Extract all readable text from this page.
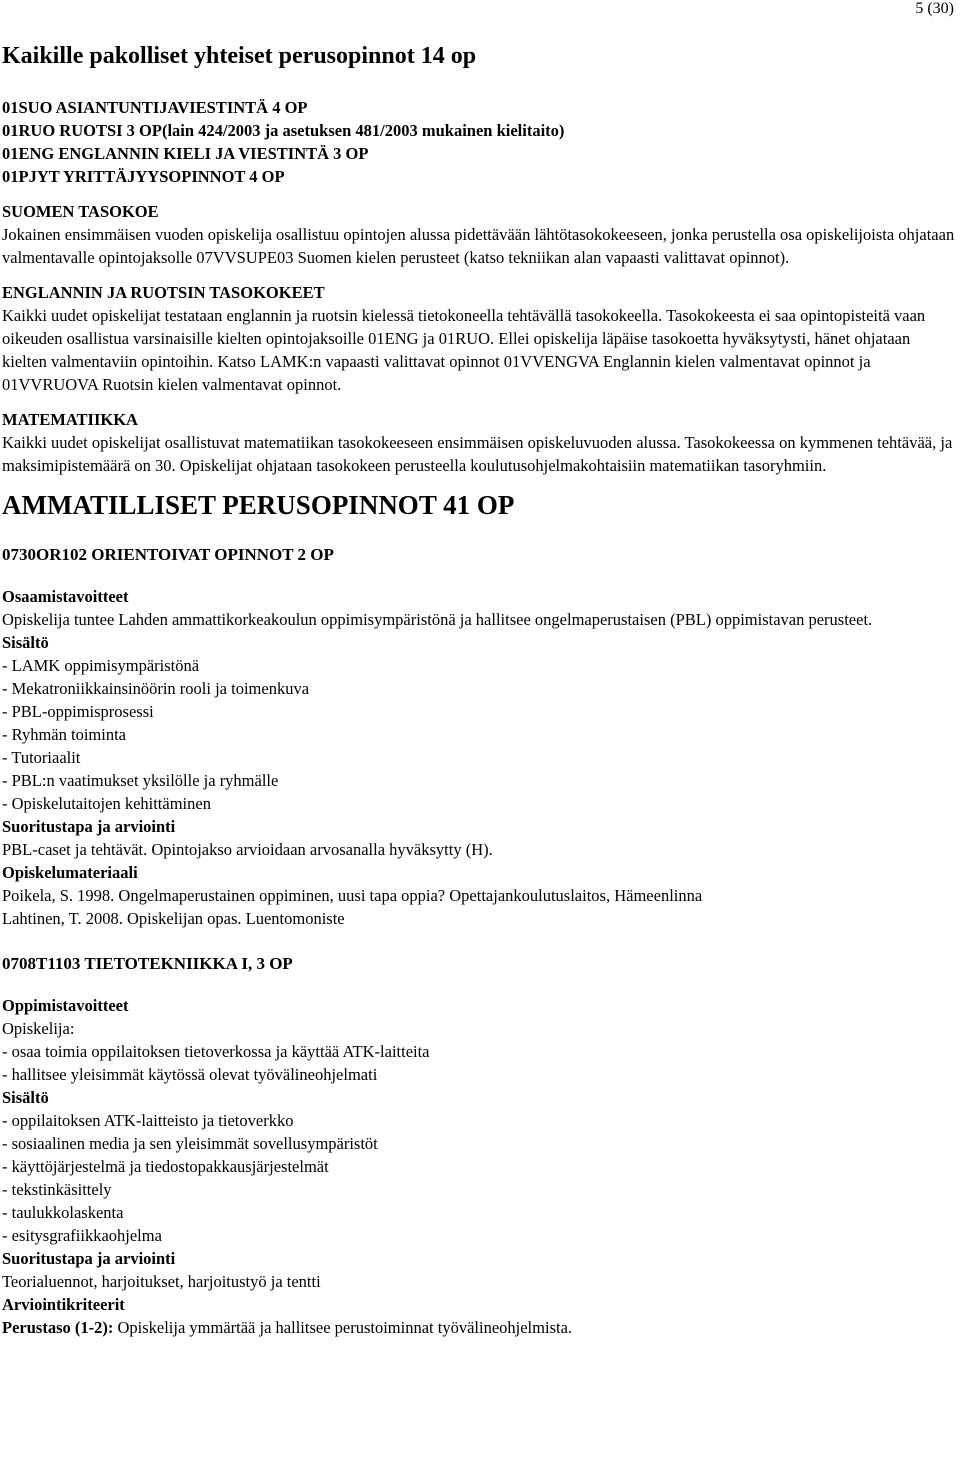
5 (30)
Kaikille pakolliset yhteiset perusopinnot 14 op

01SUO ASIANTUNTIJAVIESTINTÄ 4 OP

01RUO RUOTSI 3 OP(lain 424/2003 ja asetuksen 481/2003 mukainen kielitaito)

01ENG ENGLANNIN KIELI JA VIESTINTÄ 3 OP

01PJYT YRITTÄJYYSOPINNOT 4 OP

SUOMEN TASOKOE

Jokainen ensimmäisen vuoden opiskelija osallistuu opintojen alussa pidettävään lähtötasokokeeseen, jonka perustella osa opiskelijoista ohjataan valmentavalle opintojaksolle 07VVSUPE03 Suomen kielen perusteet (katso tekniikan alan vapaasti valittavat opinnot).

ENGLANNIN JA RUOTSIN TASOKOKEET

Kaikki uudet opiskelijat testataan englannin ja ruotsin kielessä tietokoneella tehtävällä tasokokeella. Tasokokeesta ei saa opintopisteitä vaan oikeuden osallistua varsinaisille kielten opintojaksoille 01ENG ja 01RUO. Ellei opiskelija läpäise tasokoetta hyväksytysti, hänet ohjataan kielten valmentaviin opintoihin. Katso LAMK:n vapaasti valittavat opinnot 01VVENGVA Englannin kielen valmentavat opinnot ja 01VVRUOVA Ruotsin kielen valmentavat opinnot.

MATEMATIIKKA

Kaikki uudet opiskelijat osallistuvat matematiikan tasokokeeseen ensimmäisen opiskeluvuoden alussa. Tasokokeessa on kymmenen tehtävää, ja maksimipistemäärä on 30. Opiskelijat ohjataan tasokokeen perusteella koulutusohjelmakohtaisiin matematiikan tasoryhmiin.

AMMATILLISET PERUSOPINNOT 41 OP
0730OR102 ORIENTOIVAT OPINNOT 2 OP

Osaamistavoitteet

Opiskelija tuntee Lahden ammattikorkeakoulun oppimisympäristönä ja hallitsee ongelmaperustaisen (PBL) oppimistavan perusteet.

Sisältö

- LAMK oppimisympäristönä
- Mekatroniikkainsinöörin rooli ja toimenkuva
- PBL-oppimisprosessi
- Ryhmän toiminta
- Tutoriaalit
- PBL:n vaatimukset yksilölle ja ryhmälle
- Opiskelutaitojen kehittäminen

Suoritustapa ja arviointi

PBL-caset ja tehtävät. Opintojakso arvioidaan arvosanalla hyväksytty (H).

Opiskelumateriaali

Poikela, S. 1998. Ongelmaperustainen oppiminen, uusi tapa oppia? Opettajankoulutuslaitos, Hämeenlinna

Lahtinen, T. 2008. Opiskelijan opas. Luentomoniste

0708T1103 TIETOTEKNIIKKA I, 3 OP

Oppimistavoitteet

Opiskelija:

- osaa toimia oppilaitoksen tietoverkossa ja käyttää ATK-laitteita
- hallitsee yleisimmät käytössä olevat työvälineohjelmati

Sisältö

- oppilaitoksen ATK-laitteisto ja tietoverkko
- sosiaalinen media ja sen yleisimmät sovellusympäristöt
- käyttöjärjestelmä ja tiedostopakkausjärjestelmät
- tekstinkäsittely
- taulukkolaskenta
- esitysgrafiikkaohjelma

Suoritustapa ja arviointi

Teorialuennot, harjoitukset, harjoitustyö ja tentti

Arviointikriteerit

Perustaso (1-2): Opiskelija ymmärtää ja hallitsee perustoiminnat työvälineohjelmista.
